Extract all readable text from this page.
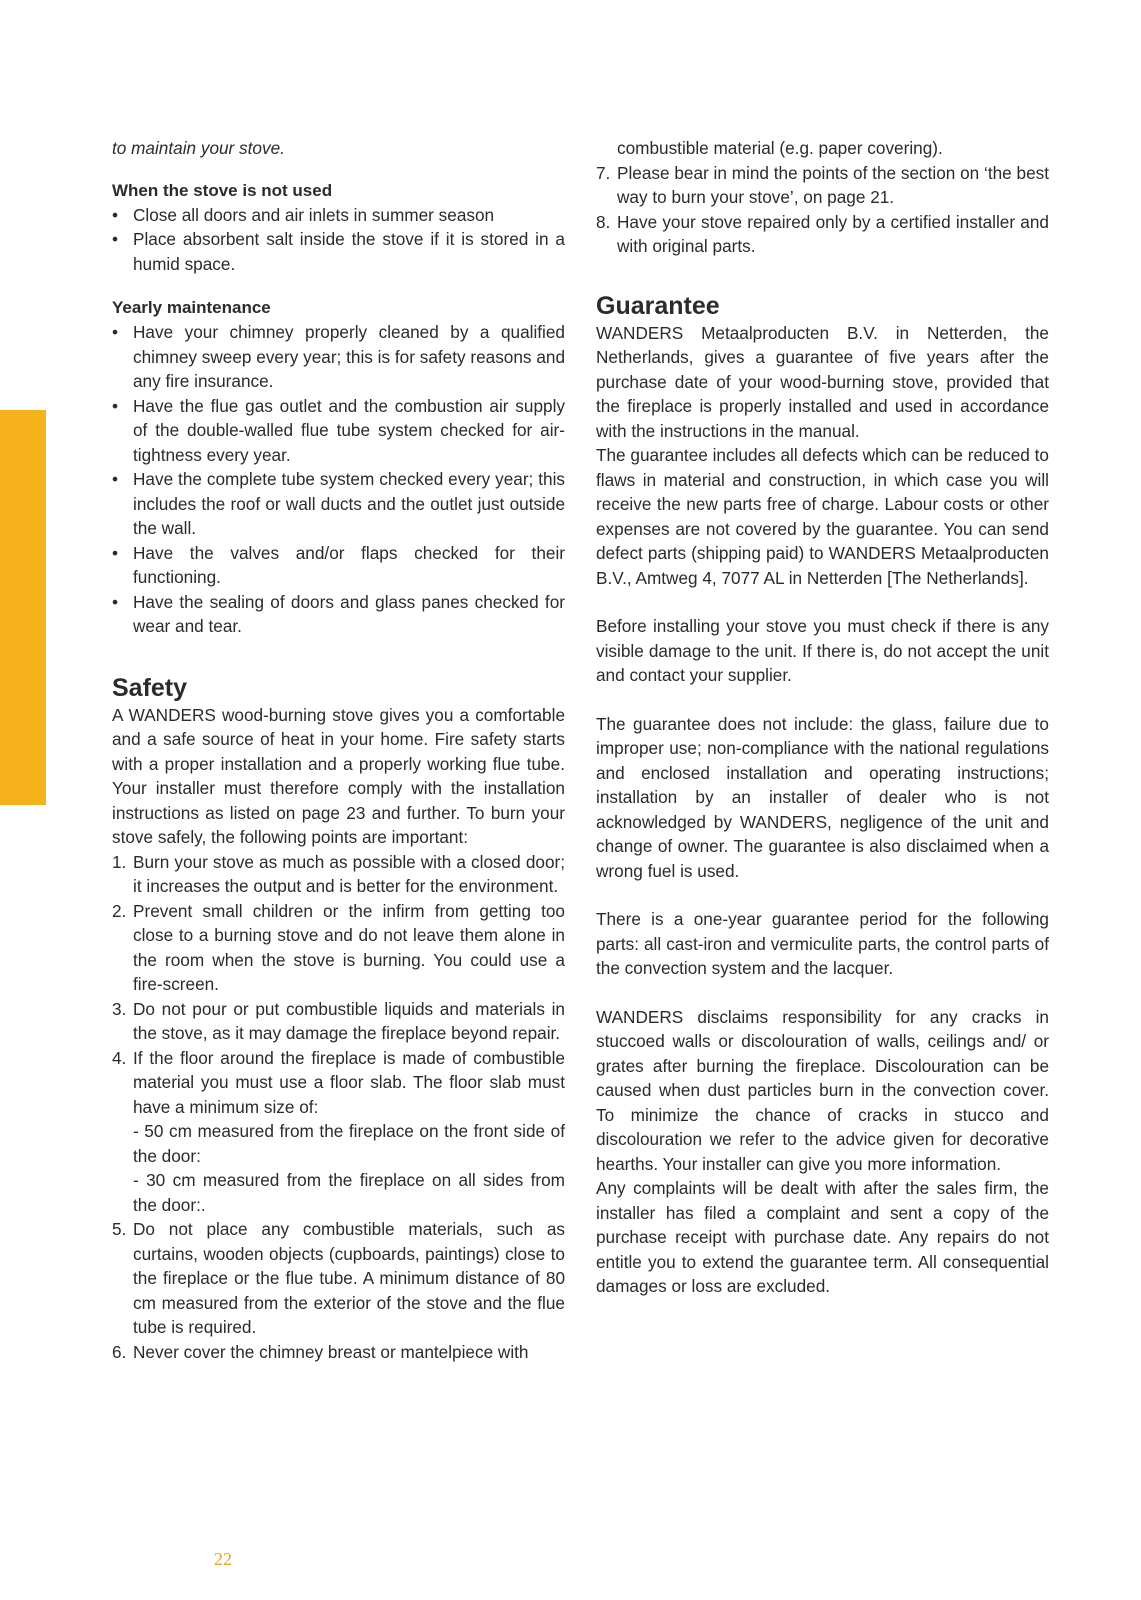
to maintain your stove.

When the stove is not used
• Close all doors and air inlets in summer season
• Place absorbent salt inside the stove if it is stored in a humid space.
Yearly maintenance
• Have your chimney properly cleaned by a qualified chimney sweep every year; this is for safety reasons and any fire insurance.
• Have the flue gas outlet and the combustion air supply of the double-walled flue tube system checked for air-tightness every year.
• Have the complete tube system checked every year; this includes the roof or wall ducts and the outlet just outside the wall.
• Have the valves and/or flaps checked for their functioning.
• Have the sealing of doors and glass panes checked for wear and tear.
Safety

A WANDERS wood-burning stove gives you a comfortable and a safe source of heat in your home. Fire safety starts with a proper installation and a properly working flue tube. Your installer must therefore comply with the installation instructions as listed on page 23 and further. To burn your stove safely, the following points are important:

1. Burn your stove as much as possible with a closed door; it increases the output and is better for the environment.
2. Prevent small children or the infirm from getting too close to a burning stove and do not leave them alone in the room when the stove is burning. You could use a fire-screen.
3. Do not pour or put combustible liquids and materials in the stove, as it may damage the fireplace beyond repair.
4. If the floor around the fireplace is made of combustible material you must use a floor slab. The floor slab must have a minimum size of:
- 50 cm measured from the fireplace on the front side of the door:
- 30 cm measured from the fireplace on all sides from the door:.
5. Do not place any combustible materials, such as curtains, wooden objects (cupboards, paintings) close to the fireplace or the flue tube. A minimum distance of 80 cm measured from the exterior of the stove and the flue tube is required.
6. Never cover the chimney breast or mantelpiece with
combustible material (e.g. paper covering).
7. Please bear in mind the points of the section on ‘the best way to burn your stove’, on page 21.
8. Have your stove repaired only by a certified installer and with original parts.
Guarantee

WANDERS Metaalproducten B.V. in Netterden, the Netherlands, gives a guarantee of five years after the purchase date of your wood-burning stove, provided that the fireplace is properly installed and used in accordance with the instructions in the manual.

The guarantee includes all defects which can be reduced to flaws in material and construction, in which case you will receive the new parts free of charge. Labour costs or other expenses are not covered by the guarantee. You can send defect parts (shipping paid) to WANDERS Metaalproducten B.V., Amtweg 4, 7077 AL in Netterden [The Netherlands].

Before installing your stove you must check if there is any visible damage to the unit. If there is, do not accept the unit and contact your supplier.

The guarantee does not include: the glass, failure due to improper use; non-compliance with the national regulations and enclosed installation and operating instructions; installation by an installer of dealer who is not acknowledged by WANDERS, negligence of the unit and change of owner. The guarantee is also disclaimed when a wrong fuel is used.

There is a one-year guarantee period for the following parts: all cast-iron and vermiculite parts, the control parts of the convection system and the lacquer.

WANDERS disclaims responsibility for any cracks in stuccoed walls or discolouration of walls, ceilings and/ or grates after burning the fireplace. Discolouration can be caused when dust particles burn in the convection cover. To minimize the chance of cracks in stucco and discolouration we refer to the advice given for decorative hearths. Your installer can give you more information.

Any complaints will be dealt with after the sales firm, the installer has filed a complaint and sent a copy of the purchase receipt with purchase date. Any repairs do not entitle you to extend the guarantee term. All consequential damages or loss are excluded.

22
